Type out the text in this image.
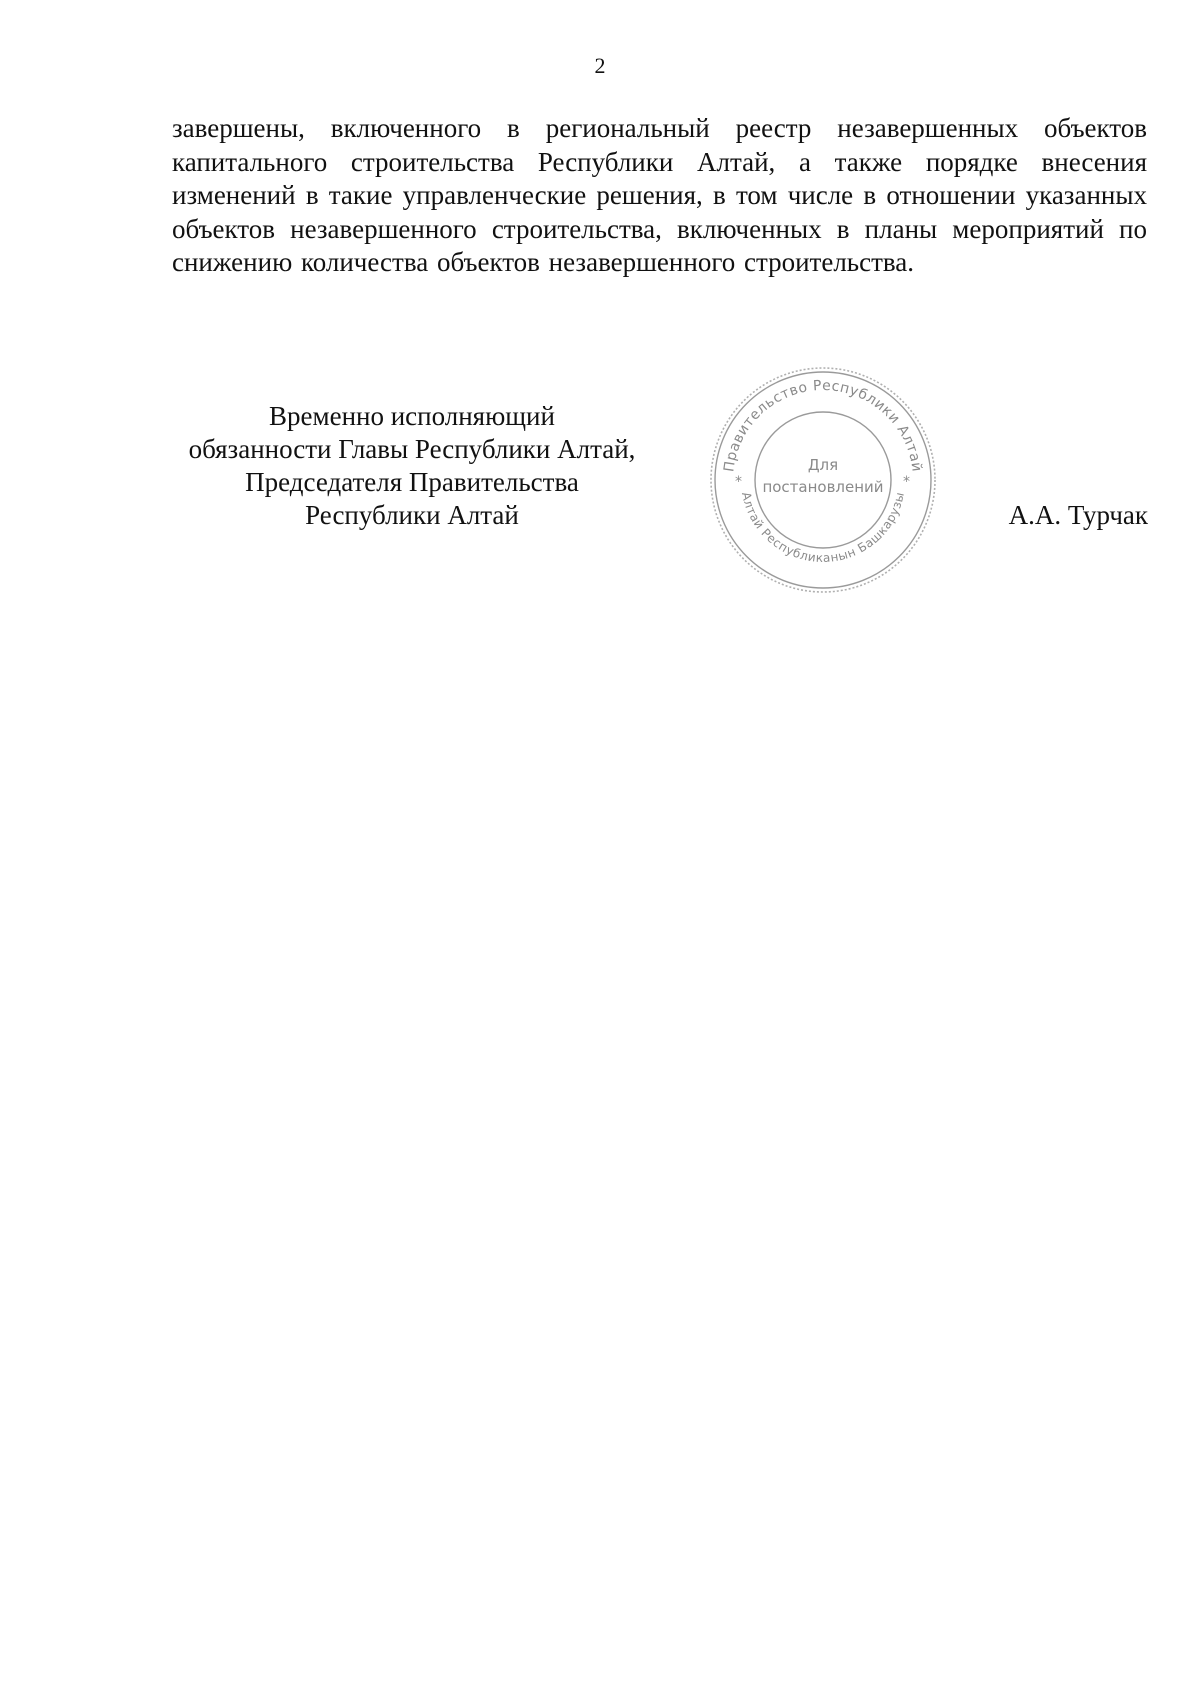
2
завершены, включенного в региональный реестр незавершенных объектов капитального строительства Республики Алтай, а также порядке внесения изменений в такие управленческие решения, в том числе в отношении указанных объектов незавершенного строительства, включенных в планы мероприятий по снижению количества объектов незавершенного строительства.
Временно исполняющий
обязанности Главы Республики Алтай,
Председателя Правительства
Республики Алтай
Правительство Республики Алтай
Алтай Республиканын Башкарузы
*	*
Для
постановлений
А.А. Турчак
